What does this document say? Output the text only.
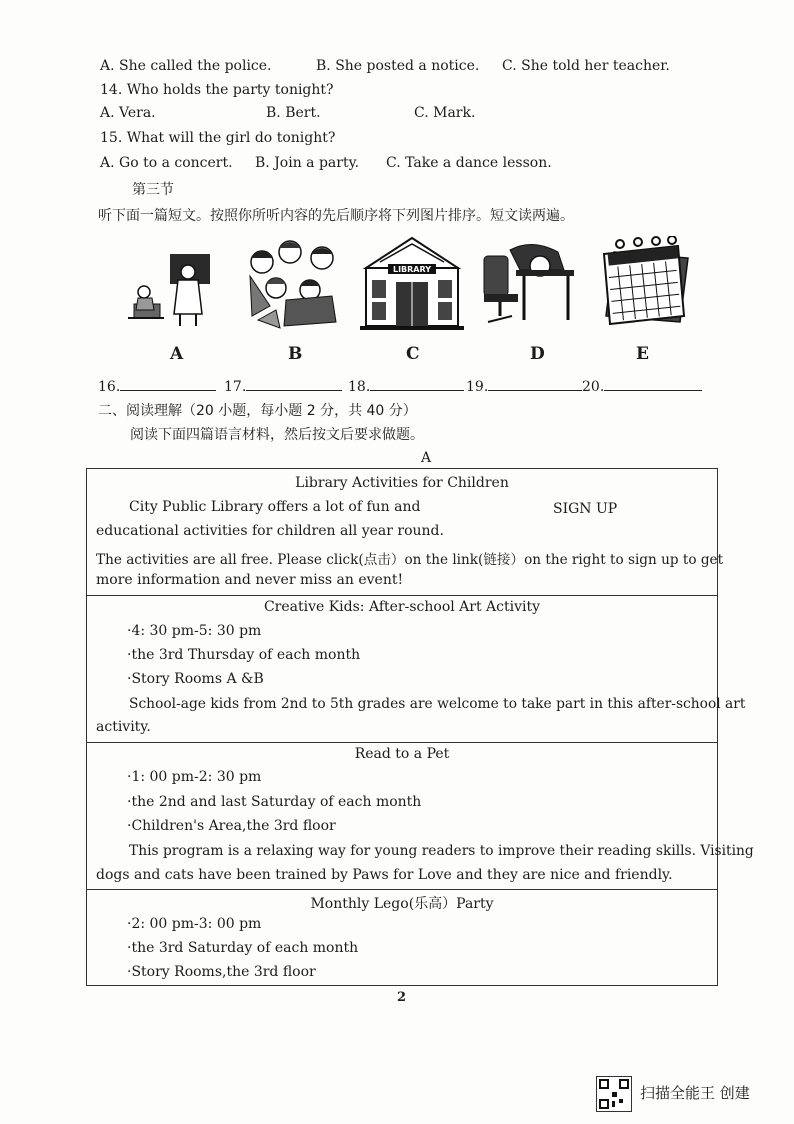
A. She called the police.	B. She posted a notice. C. She told her teacher.
14. Who holds the party tonight?
A. Vera.	B. Bert.	C. Mark.
15. What will the girl do tonight?
A. Go to a concert. B. Join a party. C. Take a dance lesson.
第三节
听下面一篇短文。按照你所听内容的先后顺序将下列图片排序。短文读两遍。
A	B
LIBRARY
C	D	E
16.	17.	18.	19.	20.
二、阅读理解（20 小题，每小题 2 分，共 40 分）
阅读下面四篇语言材料，然后按文后要求做题。
A
Library Activities for Children
City Public Library offers a lot of fun and	SIGN UP
educational activities for children all year round.
The activities are all free. Please click(点击）on the link(链接）on the right to sign up to get
more information and never miss an event!
Creative Kids: After-school Art Activity
·4: 30 pm-5: 30 pm
·the 3rd Thursday of each month
·Story Rooms A &B
School-age kids from 2nd to 5th grades are welcome to take part in this after-school art
activity.
Read to a Pet
·1: 00 pm-2: 30 pm
·the 2nd and last Saturday of each month
·Children's Area,the 3rd floor
This program is a relaxing way for young readers to improve their reading skills. Visiting
dogs and cats have been trained by Paws for Love and they are nice and friendly.
Monthly Lego(乐高）Party
·2: 00 pm-3: 00 pm
·the 3rd Saturday of each month
·Story Rooms,the 3rd floor
2
扫描全能王 创建
